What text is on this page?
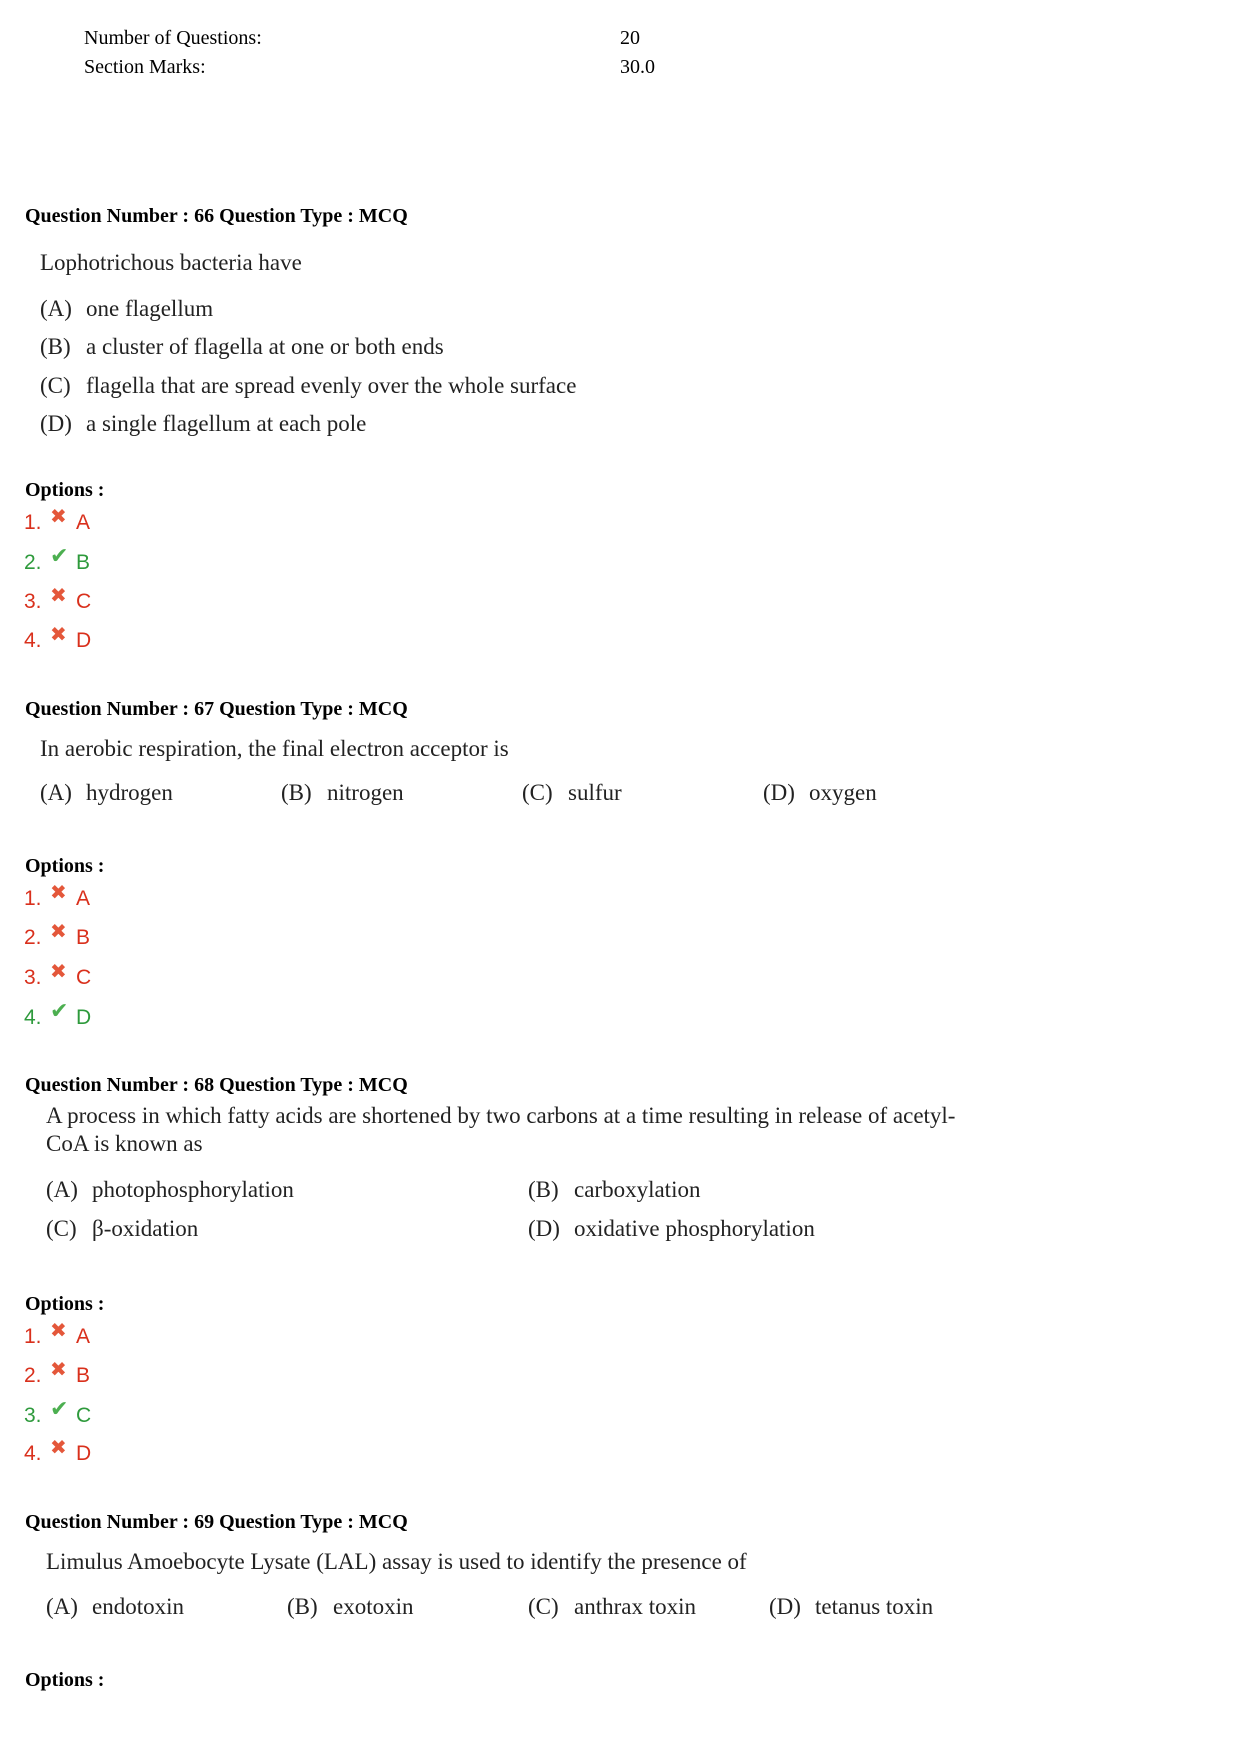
Number of Questions:	20
Section Marks:	30.0
Question Number : 66 Question Type : MCQ
Lophotrichous bacteria have
(A) one flagellum
(B) a cluster of flagella at one or both ends
(C) flagella that are spread evenly over the whole surface
(D) a single flagellum at each pole
Options :
1. ✖ A
2. ✔ B
3. ✖ C
4. ✖ D
Question Number : 67 Question Type : MCQ
In aerobic respiration, the final electron acceptor is
(A) hydrogen	(B) nitrogen	(C) sulfur	(D) oxygen
Options :
1. ✖ A
2. ✖ B
3. ✖ C
4. ✔ D
Question Number : 68 Question Type : MCQ
A process in which fatty acids are shortened by two carbons at a time resulting in release of acetyl-
CoA is known as
(A) photophosphorylation	(B) carboxylation
(C) β-oxidation	(D) oxidative phosphorylation
Options :
1. ✖ A
2. ✖ B
3. ✔ C
4. ✖ D
Question Number : 69 Question Type : MCQ
Limulus Amoebocyte Lysate (LAL) assay is used to identify the presence of
(A) endotoxin	(B) exotoxin	(C) anthrax toxin	(D) tetanus toxin
Options :
